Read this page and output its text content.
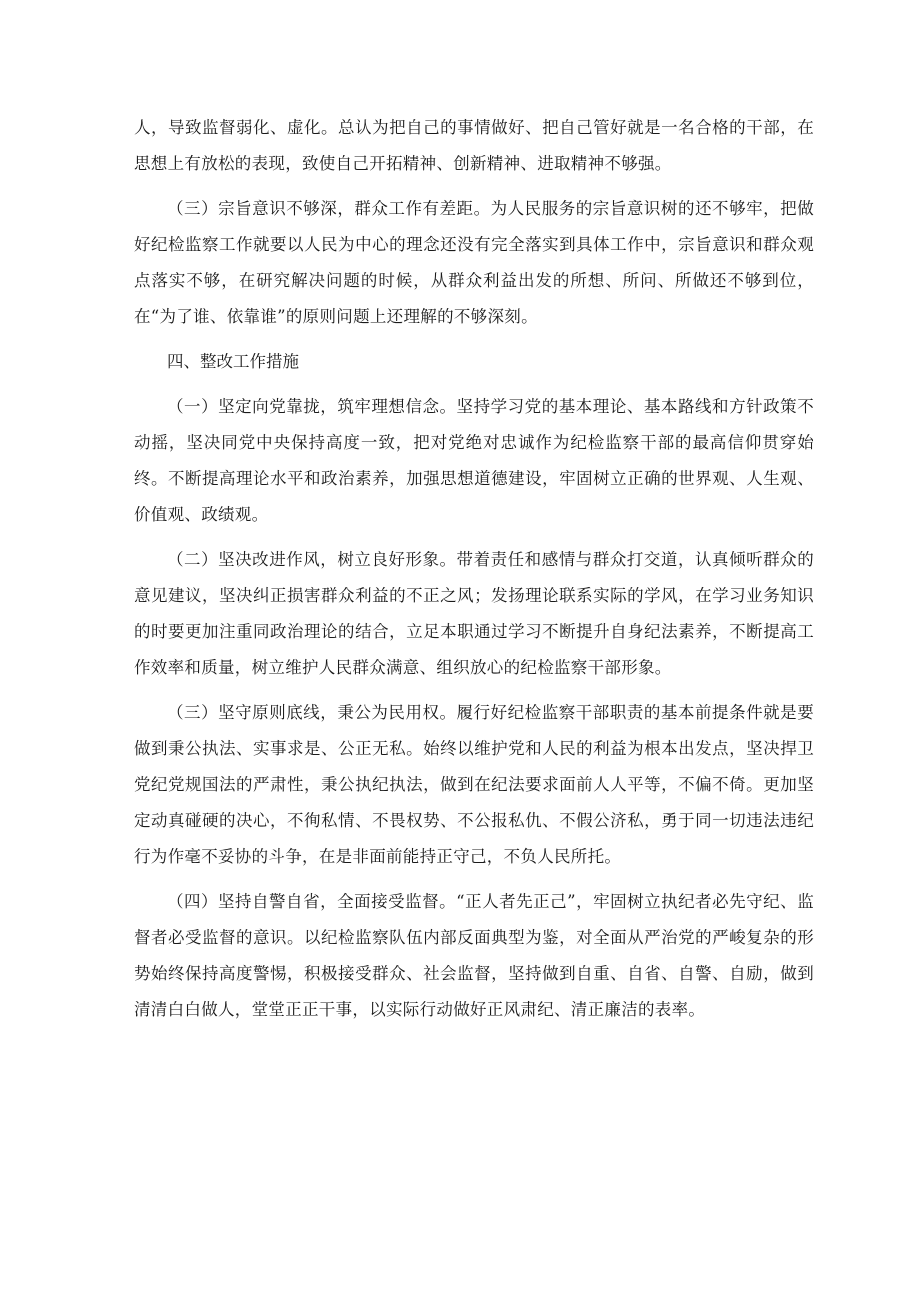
人，导致监督弱化、虚化。总认为把自己的事情做好、把自己管好就是一名合格的干部，在思想上有放松的表现，致使自己开拓精神、创新精神、进取精神不够强。

（三）宗旨意识不够深，群众工作有差距。为人民服务的宗旨意识树的还不够牢，把做好纪检监察工作就要以人民为中心的理念还没有完全落实到具体工作中，宗旨意识和群众观点落实不够，在研究解决问题的时候，从群众利益出发的所想、所问、所做还不够到位，在“为了谁、依靠谁”的原则问题上还理解的不够深刻。

四、整改工作措施

（一）坚定向党靠拢，筑牢理想信念。坚持学习党的基本理论、基本路线和方针政策不动摇，坚决同党中央保持高度一致，把对党绝对忠诚作为纪检监察干部的最高信仰贯穿始终。不断提高理论水平和政治素养，加强思想道德建设，牢固树立正确的世界观、人生观、价值观、政绩观。

（二）坚决改进作风，树立良好形象。带着责任和感情与群众打交道，认真倾听群众的意见建议，坚决纠正损害群众利益的不正之风；发扬理论联系实际的学风，在学习业务知识的时要更加注重同政治理论的结合，立足本职通过学习不断提升自身纪法素养，不断提高工作效率和质量，树立维护人民群众满意、组织放心的纪检监察干部形象。

（三）坚守原则底线，秉公为民用权。履行好纪检监察干部职责的基本前提条件就是要做到秉公执法、实事求是、公正无私。始终以维护党和人民的利益为根本出发点，坚决捍卫党纪党规国法的严肃性，秉公执纪执法，做到在纪法要求面前人人平等，不偏不倚。更加坚定动真碰硬的决心，不徇私情、不畏权势、不公报私仇、不假公济私，勇于同一切违法违纪行为作毫不妥协的斗争，在是非面前能持正守己，不负人民所托。

（四）坚持自警自省，全面接受监督。“正人者先正己”，牢固树立执纪者必先守纪、监督者必受监督的意识。以纪检监察队伍内部反面典型为鉴，对全面从严治党的严峻复杂的形势始终保持高度警惕，积极接受群众、社会监督，坚持做到自重、自省、自警、自励，做到清清白白做人，堂堂正正干事，以实际行动做好正风肃纪、清正廉洁的表率。
